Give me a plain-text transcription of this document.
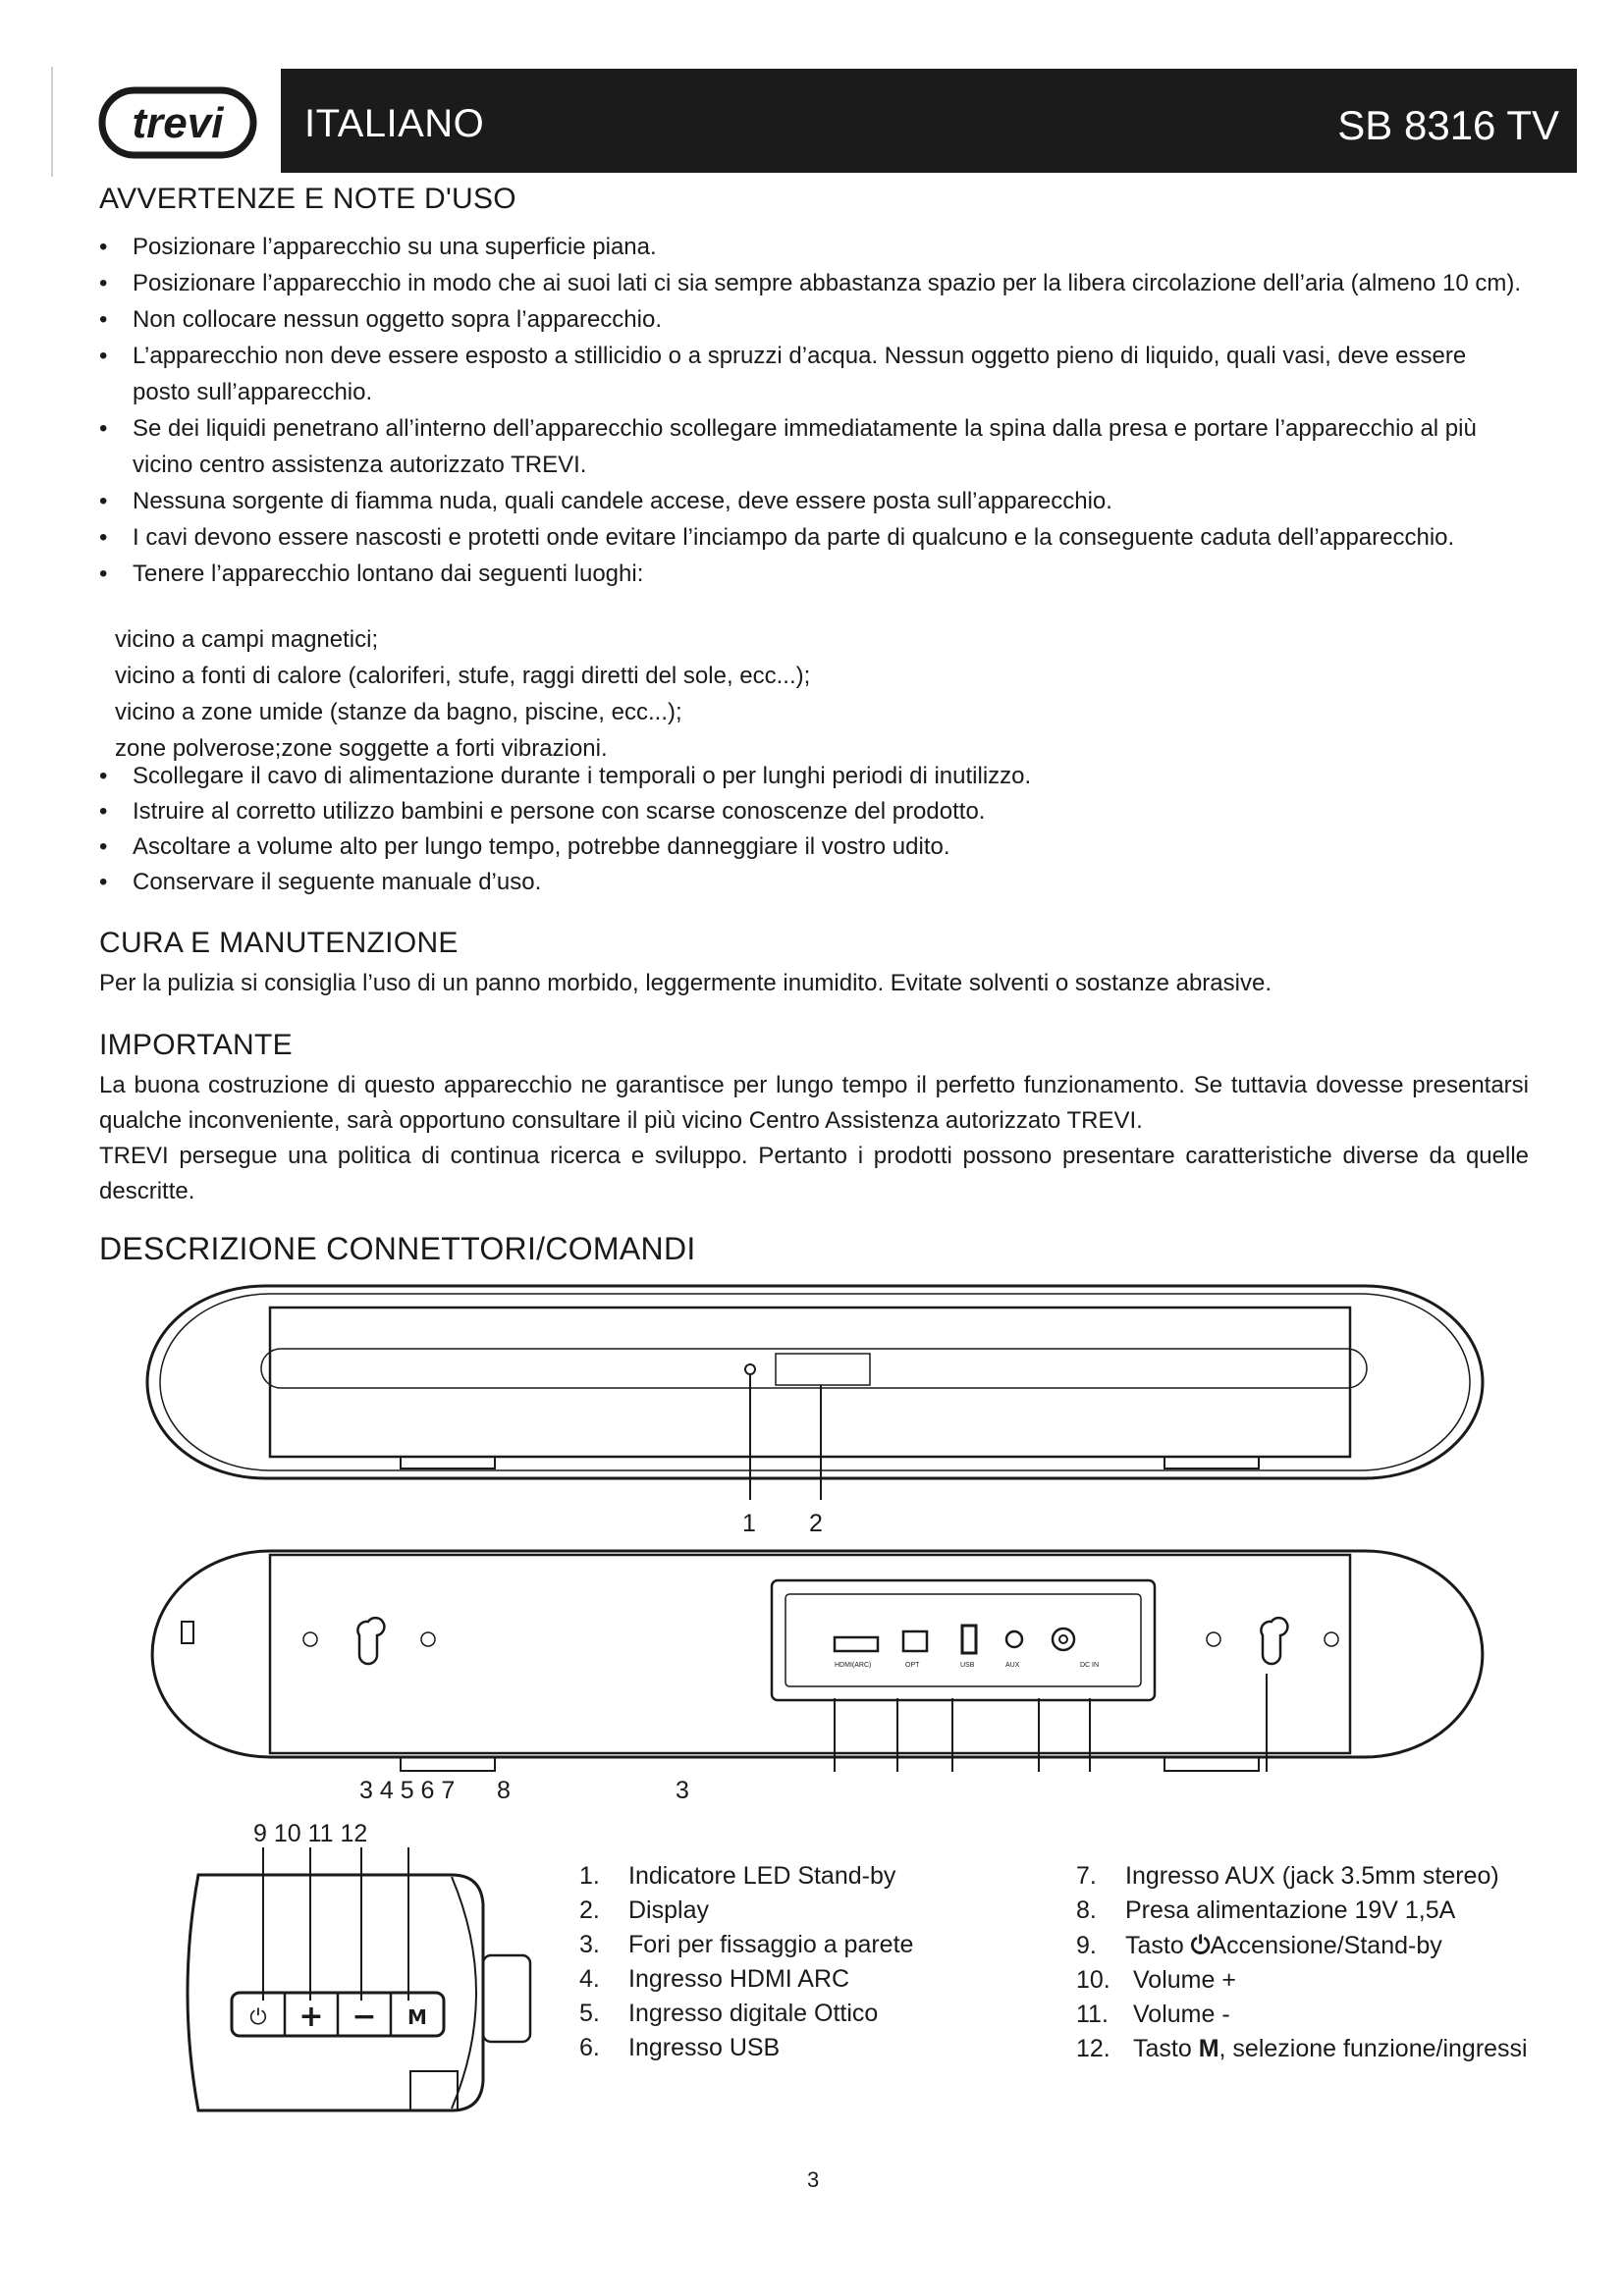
trevi ITALIANO	SB 8316 TV
AVVERTENZE E NOTE D'USO
• Posizionare l’apparecchio su una superficie piana.
• Posizionare l’apparecchio in modo che ai suoi lati ci sia sempre abbastanza spazio per la libera circolazione dell’aria (almeno 10 cm).
• Non collocare nessun oggetto sopra l’apparecchio.
• L’apparecchio non deve essere esposto a stillicidio o a spruzzi d’acqua. Nessun oggetto pieno di liquido, quali vasi, deve essere posto sull’apparecchio.
• Se dei liquidi penetrano all’interno dell’apparecchio scollegare immediatamente la spina dalla presa e portare l’apparecchio al più vicino centro assistenza autorizzato TREVI.
• Nessuna sorgente di fiamma nuda, quali candele accese, deve essere posta sull’apparecchio.
• I cavi devono essere nascosti e protetti onde evitare l’inciampo da parte di qualcuno e la conseguente caduta dell’apparecchio.
• Tenere l’apparecchio lontano dai seguenti luoghi:
vicino a campi magnetici;
vicino a fonti di calore (caloriferi, stufe, raggi diretti del sole, ecc...);
vicino a zone umide (stanze da bagno, piscine, ecc...);
zone polverose;zone soggette a forti vibrazioni.
• Scollegare il cavo di alimentazione durante i temporali o per lunghi periodi di inutilizzo.
• Istruire al corretto utilizzo bambini e persone con scarse conoscenze del prodotto.
• Ascoltare a volume alto per lungo tempo, potrebbe danneggiare il vostro udito.
• Conservare il seguente manuale d’uso.
CURA E MANUTENZIONE

Per la pulizia si consiglia l’uso di un panno morbido, leggermente inumidito. Evitate solventi o sostanze abrasive.

IMPORTANTE

La buona costruzione di questo apparecchio ne garantisce per lungo tempo il perfetto funzionamento. Se tuttavia dovesse presentarsi qualche inconveniente, sarà opportuno consultare il più vicino Centro Assistenza autorizzato TREVI.

TREVI persegue una politica di continua ricerca e sviluppo. Pertanto i prodotti possono presentare caratteristiche diverse da quelle descritte.

DESCRIZIONE CONNETTORI/COMANDI
HDMI(ARC)	OPT	USB	AUX	DC IN
⏻ + − M
1 2
3 4 5 6 7 8	3
9 10 11 12
1. Indicatore LED Stand-by
2. Display
3. Fori per fissaggio a parete
4. Ingresso HDMI ARC
5. Ingresso digitale Ottico
6. Ingresso USB
7. Ingresso AUX (jack 3.5mm stereo)
8. Presa alimentazione 19V 1,5A
9. Tasto ⏻Accensione/Stand-by
10. Volume +
11. Volume -
12. Tasto M, selezione funzione/ingressi
3
